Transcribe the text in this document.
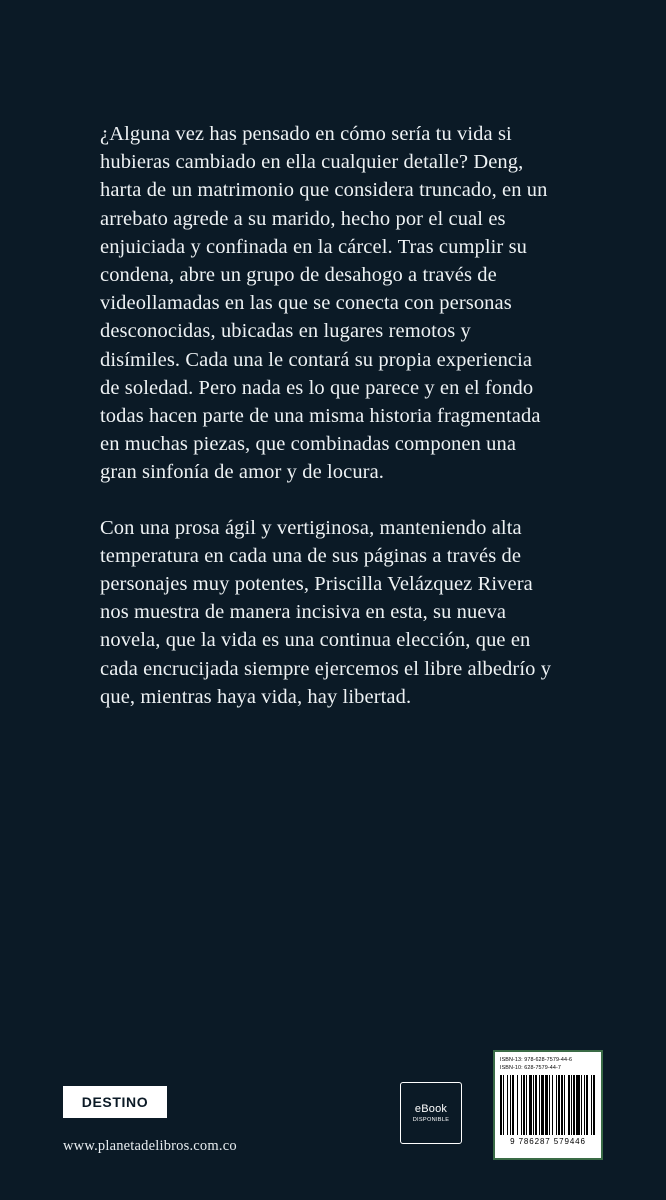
¿Alguna vez has pensado en cómo sería tu vida si hubieras cambiado en ella cualquier detalle? Deng, harta de un matrimonio que considera truncado, en un arrebato agrede a su marido, hecho por el cual es enjuiciada y confinada en la cárcel. Tras cumplir su condena, abre un grupo de desahogo a través de videollamadas en las que se conecta con personas desconocidas, ubicadas en lugares remotos y disímiles. Cada una le contará su propia experiencia de soledad. Pero nada es lo que parece y en el fondo todas hacen parte de una misma historia fragmentada en muchas piezas, que combinadas componen una gran sinfonía de amor y de locura.

Con una prosa ágil y vertiginosa, manteniendo alta temperatura en cada una de sus páginas a través de personajes muy potentes, Priscilla Velázquez Rivera nos muestra de manera incisiva en esta, su nueva novela, que la vida es una continua elección, que en cada encrucijada siempre ejercemos el libre albedrío y que, mientras haya vida, hay libertad.

DESTINO
www.planetadelibros.com.co
eBook
DISPONIBLE
ISBN-13: 978-628-7579-44-6
ISBN-10: 628-7579-44-7
9 786287 579446
